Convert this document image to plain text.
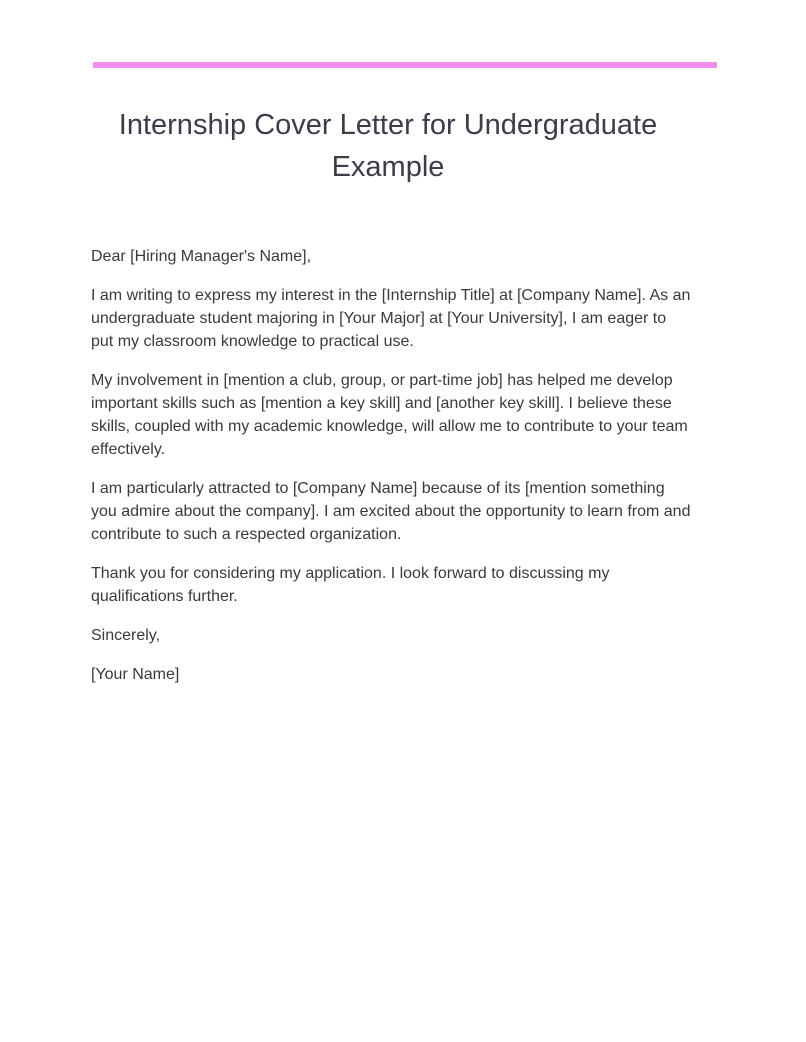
Internship Cover Letter for Undergraduate Example

Dear [Hiring Manager's Name],

I am writing to express my interest in the [Internship Title] at [Company Name]. As an undergraduate student majoring in [Your Major] at [Your University], I am eager to put my classroom knowledge to practical use.

My involvement in [mention a club, group, or part-time job] has helped me develop important skills such as [mention a key skill] and [another key skill]. I believe these skills, coupled with my academic knowledge, will allow me to contribute to your team effectively.

I am particularly attracted to [Company Name] because of its [mention something you admire about the company]. I am excited about the opportunity to learn from and contribute to such a respected organization.

Thank you for considering my application. I look forward to discussing my qualifications further.

Sincerely,

[Your Name]
